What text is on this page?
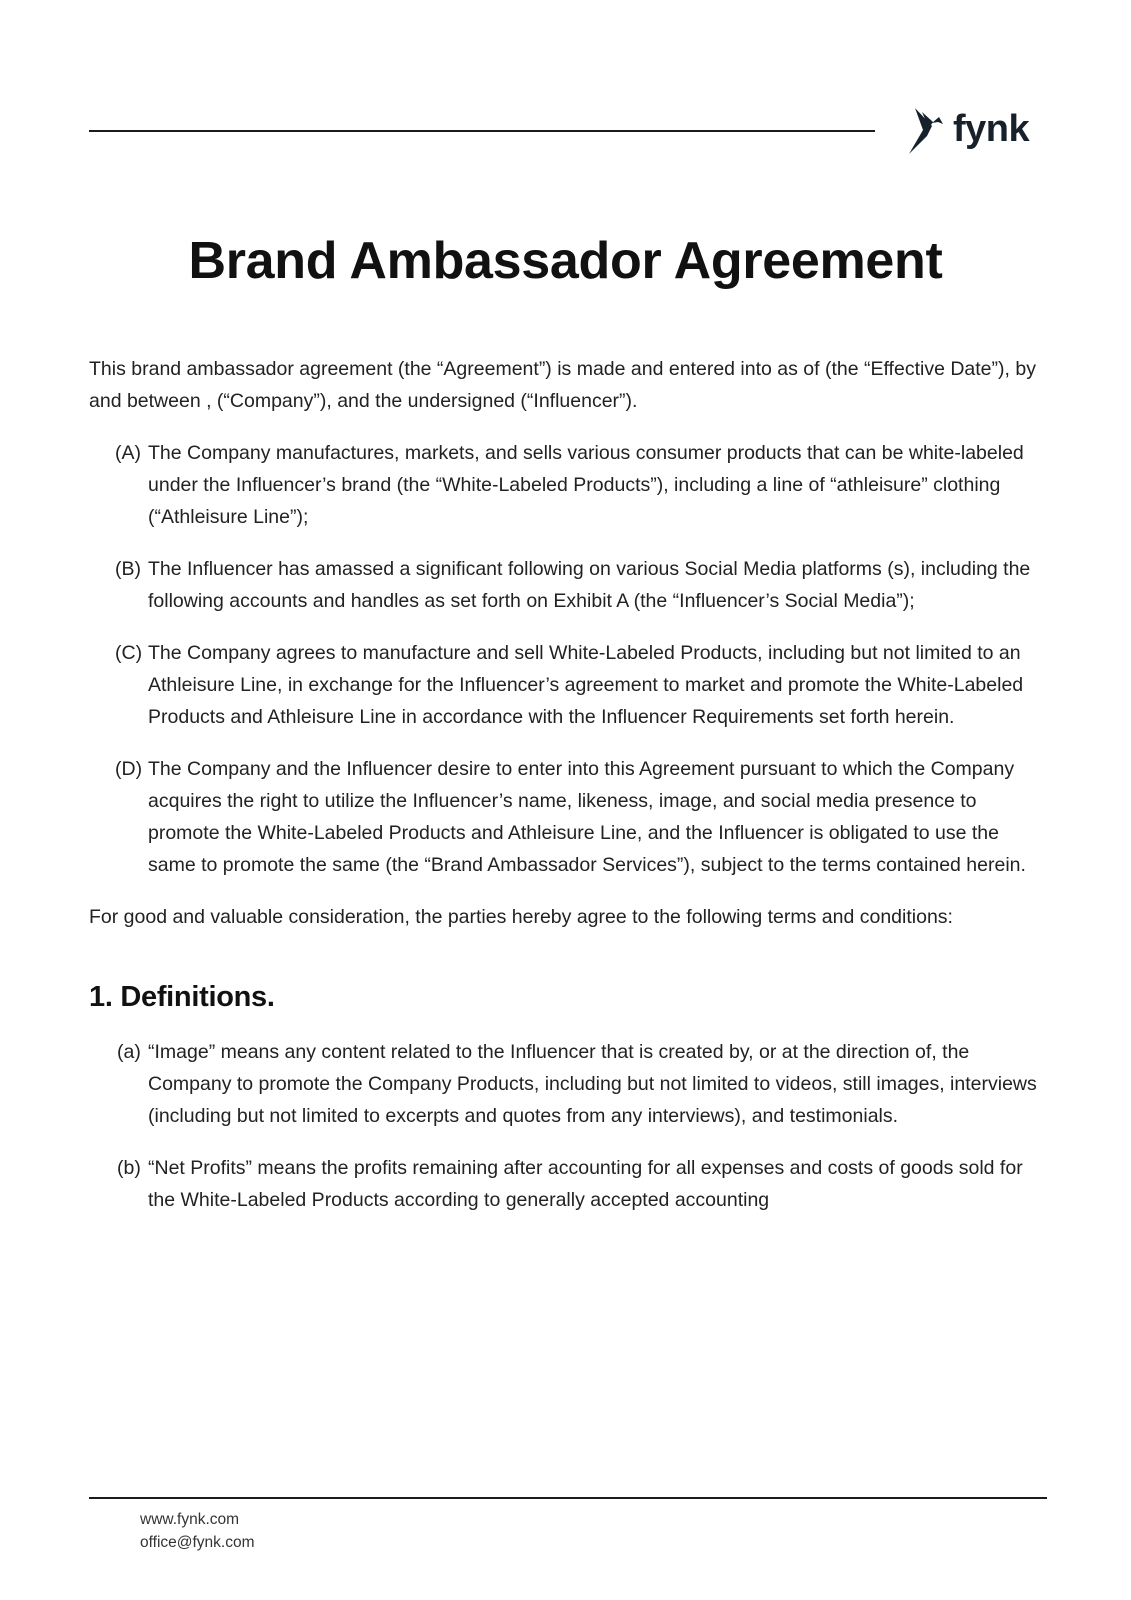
fynk
Brand Ambassador Agreement

This brand ambassador agreement (the “Agreement”) is made and entered into as of (the “Effective Date”), by and between , (“Company”), and the undersigned (“Influencer”).

(A) The Company manufactures, markets, and sells various consumer products that can be white-labeled under the Influencer’s brand (the “White-Labeled Products”), including a line of “athleisure” clothing (“Athleisure Line”);
(B) The Influencer has amassed a significant following on various Social Media platforms (s), including the following accounts and handles as set forth on Exhibit A (the “Influencer’s Social Media”);
(C) The Company agrees to manufacture and sell White-Labeled Products, including but not limited to an Athleisure Line, in exchange for the Influencer’s agreement to market and promote the White-Labeled Products and Athleisure Line in accordance with the Influencer Requirements set forth herein.
(D) The Company and the Influencer desire to enter into this Agreement pursuant to which the Company acquires the right to utilize the Influencer’s name, likeness, image, and social media presence to promote the White-Labeled Products and Athleisure Line, and the Influencer is obligated to use the same to promote the same (the “Brand Ambassador Services”), subject to the terms contained herein.

For good and valuable consideration, the parties hereby agree to the following terms and conditions:

1. Definitions.
(a) “Image” means any content related to the Influencer that is created by, or at the direction of, the Company to promote the Company Products, including but not limited to videos, still images, interviews (including but not limited to excerpts and quotes from any interviews), and testimonials.
(b) “Net Profits” means the profits remaining after accounting for all expenses and costs of goods sold for the White-Labeled Products according to generally accepted accounting
www.fynk.com
office@fynk.com
